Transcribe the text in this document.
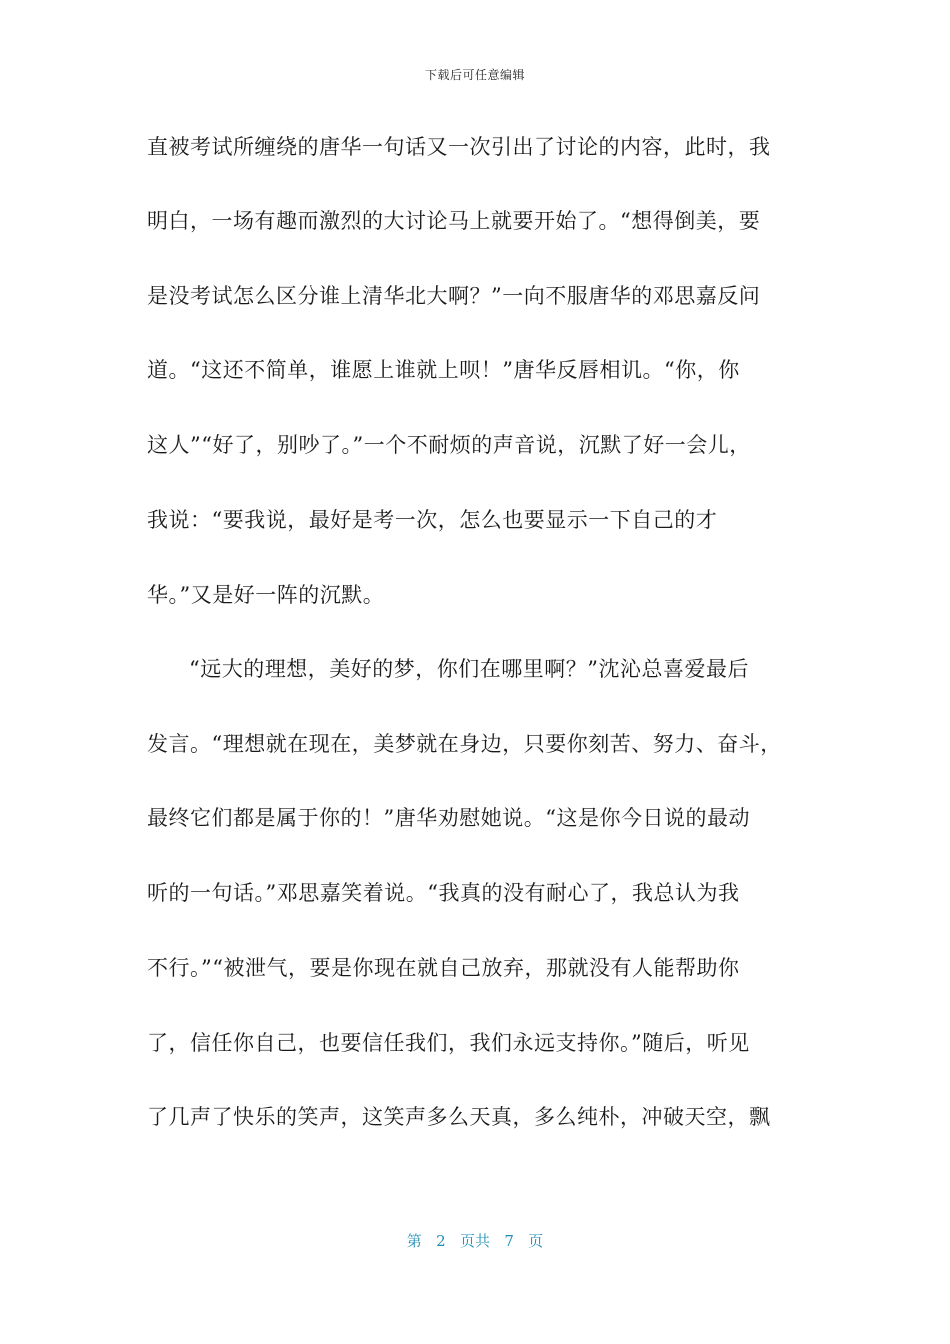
下载后可任意编辑
直被考试所缠绕的唐华一句话又一次引出了讨论的内容，此时，我
明白，一场有趣而激烈的大讨论马上就要开始了。“想得倒美，要
是没考试怎么区分谁上清华北大啊？”一向不服唐华的邓思嘉反问
道。“这还不简单，谁愿上谁就上呗！”唐华反唇相讥。“你，你
这人”“好了，别吵了。”一个不耐烦的声音说，沉默了好一会儿，
我说：“要我说，最好是考一次，怎么也要显示一下自己的才
华。”又是好一阵的沉默。
“远大的理想，美好的梦，你们在哪里啊？”沈沁总喜爱最后
发言。“理想就在现在，美梦就在身边，只要你刻苦、努力、奋斗，
最终它们都是属于你的！”唐华劝慰她说。“这是你今日说的最动
听的一句话。”邓思嘉笑着说。“我真的没有耐心了，我总认为我
不行。”“被泄气，要是你现在就自己放弃，那就没有人能帮助你
了，信任你自己，也要信任我们，我们永远支持你。”随后，听见
了几声了快乐的笑声，这笑声多么天真，多么纯朴，冲破天空，飘
第 2 页共 7 页
